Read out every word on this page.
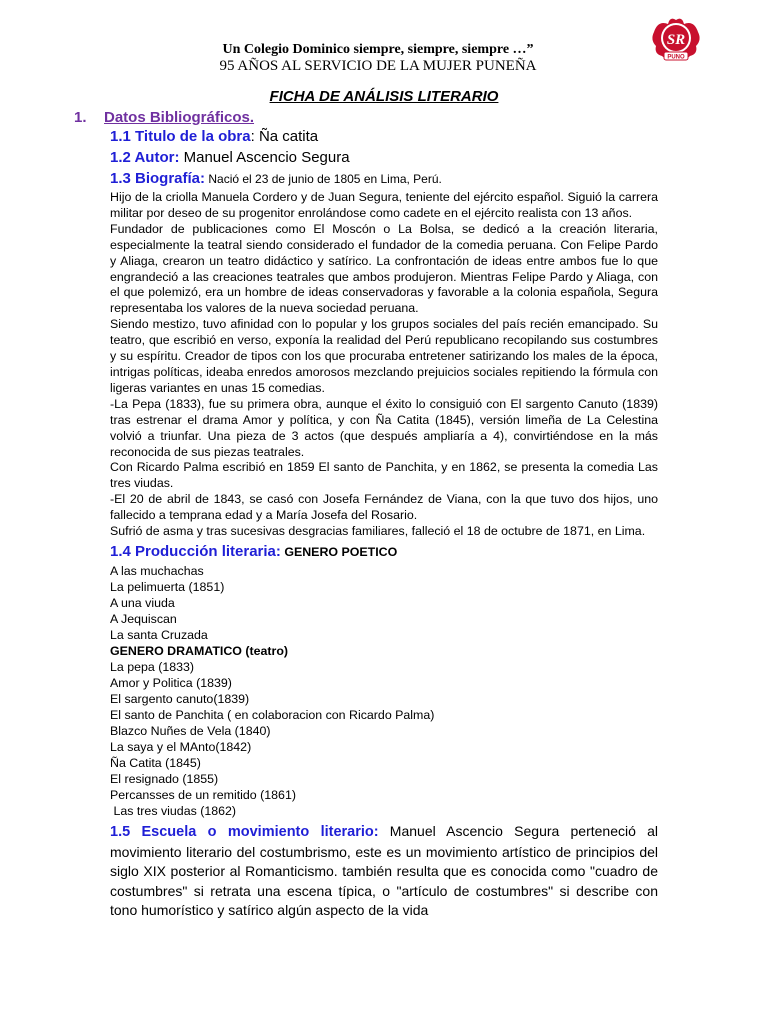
Un Colegio Dominico siempre, siempre, siempre …”
95 AÑOS AL SERVICIO DE LA MUJER PUNEÑA
SR
PUNO
FICHA DE ANÁLISIS LITERARIO
1. Datos Bibliográficos.
1.1 Titulo de la obra: Ña catita
1.2 Autor: Manuel Ascencio Segura
1.3 Biografía: Nació el 23 de junio de 1805 en Lima, Perú.

Hijo de la criolla Manuela Cordero y de Juan Segura, teniente del ejército español. Siguió la carrera militar por deseo de su progenitor enrolándose como cadete en el ejército realista con 13 años.

Fundador de publicaciones como El Moscón o La Bolsa, se dedicó a la creación literaria, especialmente la teatral siendo considerado el fundador de la comedia peruana. Con Felipe Pardo y Aliaga, crearon un teatro didáctico y satírico. La confrontación de ideas entre ambos fue lo que engrandeció a las creaciones teatrales que ambos produjeron. Mientras Felipe Pardo y Aliaga, con el que polemizó, era un hombre de ideas conservadoras y favorable a la colonia española, Segura representaba los valores de la nueva sociedad peruana.

Siendo mestizo, tuvo afinidad con lo popular y los grupos sociales del país recién emancipado. Su teatro, que escribió en verso, exponía la realidad del Perú republicano recopilando sus costumbres y su espíritu. Creador de tipos con los que procuraba entretener satirizando los males de la época, intrigas políticas, ideaba enredos amorosos mezclando prejuicios sociales repitiendo la fórmula con ligeras variantes en unas 15 comedias.

-La Pepa (1833), fue su primera obra, aunque el éxito lo consiguió con El sargento Canuto (1839) tras estrenar el drama Amor y política, y con Ña Catita (1845), versión limeña de La Celestina volvió a triunfar. Una pieza de 3 actos (que después ampliaría a 4), convirtiéndose en la más reconocida de sus piezas teatrales.

Con Ricardo Palma escribió en 1859 El santo de Panchita, y en 1862, se presenta la comedia Las tres viudas.

-El 20 de abril de 1843, se casó con Josefa Fernández de Viana, con la que tuvo dos hijos, uno fallecido a temprana edad y a María Josefa del Rosario.

Sufrió de asma y tras sucesivas desgracias familiares, falleció el 18 de octubre de 1871, en Lima.

1.4 Producción literaria: GENERO POETICO
A las muchachas
La pelimuerta (1851)
A una viuda
A Jequiscan
La santa Cruzada
GENERO DRAMATICO (teatro)
La pepa (1833)
Amor y Politica (1839)
El sargento canuto(1839)
El santo de Panchita ( en colaboracion con Ricardo Palma)
Blazco Nuñes de Vela (1840)
La saya y el MAnto(1842)
Ña Catita (1845)
El resignado (1855)
Percansses de un remitido (1861)
Las tres viudas (1862)
1.5 Escuela o movimiento literario: Manuel Ascencio Segura perteneció al movimiento literario del costumbrismo, este es un movimiento artístico de principios del siglo XIX posterior al Romanticismo. también resulta que es conocida como "cuadro de costumbres" si retrata una escena típica, o "artículo de costumbres" si describe con tono humorístico y satírico algún aspecto de la vida
